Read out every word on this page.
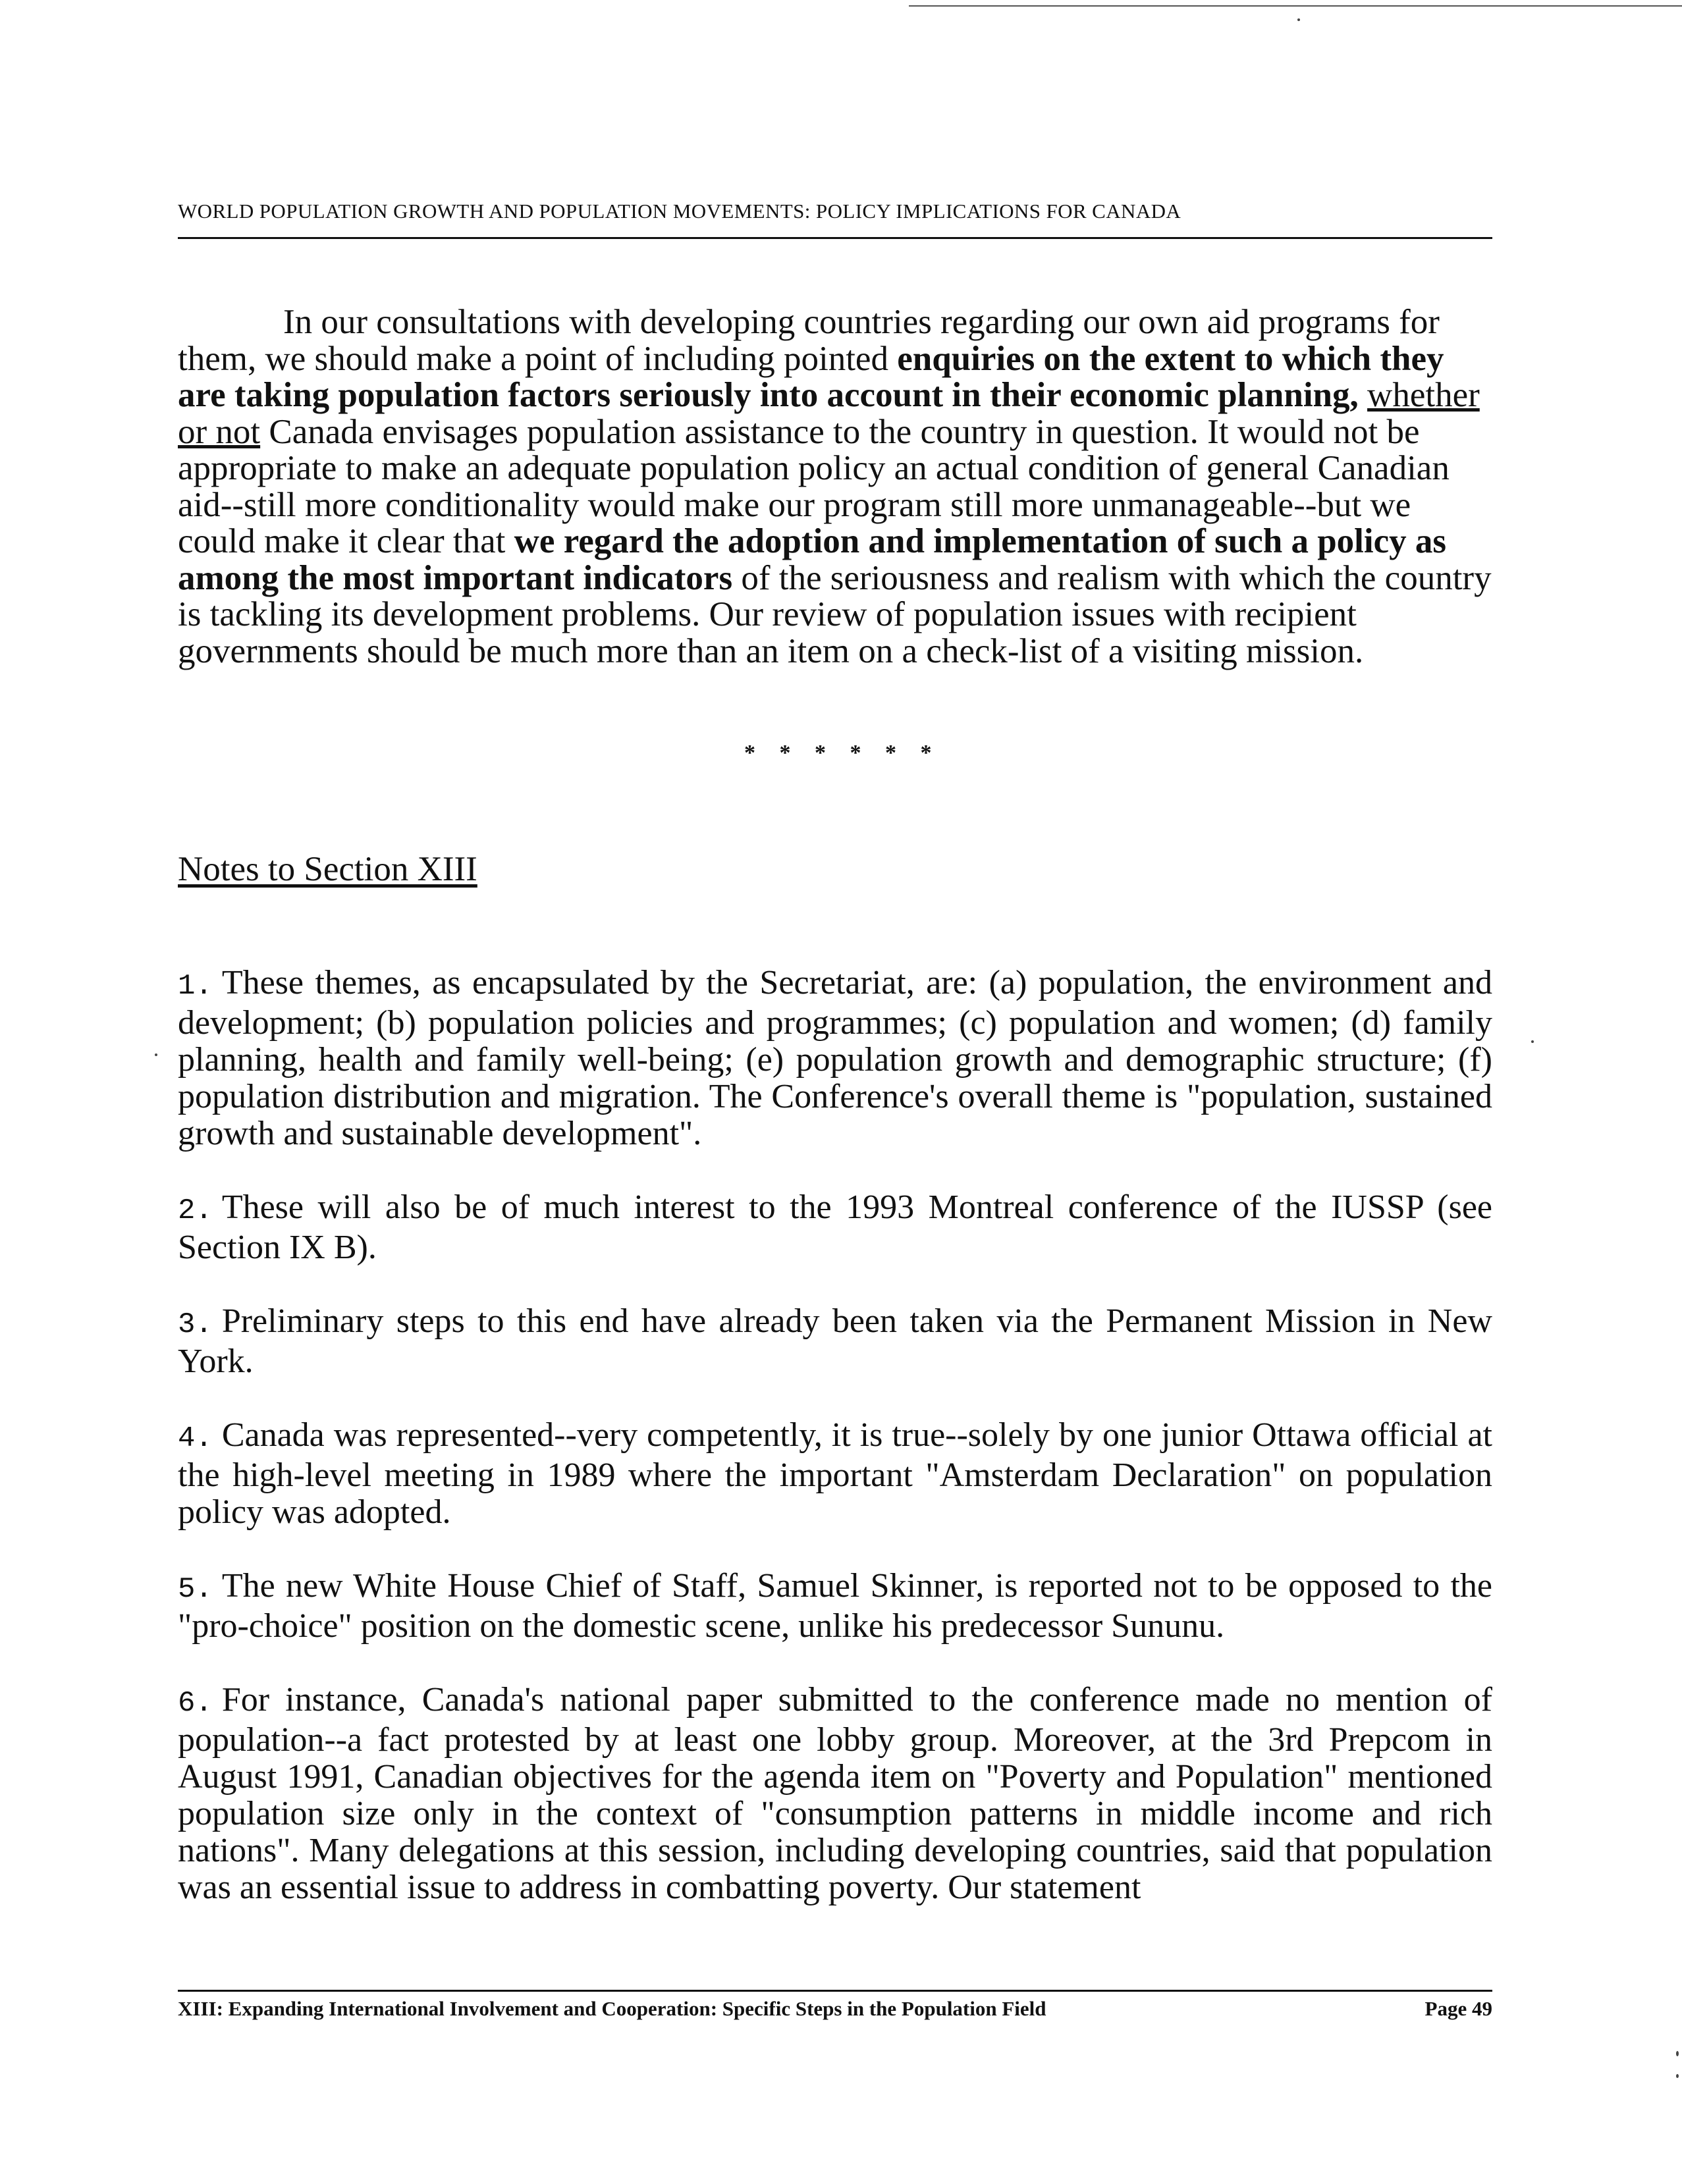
WORLD POPULATION GROWTH AND POPULATION MOVEMENTS: POLICY IMPLICATIONS FOR CANADA
In our consultations with developing countries regarding our own aid programs for them, we should make a point of including pointed enquiries on the extent to which they are taking population factors seriously into account in their economic planning, whether or not Canada envisages population assistance to the country in question. It would not be appropriate to make an adequate population policy an actual condition of general Canadian aid--still more conditionality would make our program still more unmanageable--but we could make it clear that we regard the adoption and implementation of such a policy as among the most important indicators of the seriousness and realism with which the country is tackling its development problems. Our review of population issues with recipient governments should be much more than an item on a check-list of a visiting mission.
* * * * * *
Notes to Section XIII

1. These themes, as encapsulated by the Secretariat, are: (a) population, the environment and development; (b) population policies and programmes; (c) population and women; (d) family planning, health and family well-being; (e) population growth and demographic structure; (f) population distribution and migration. The Conference's overall theme is "population, sustained growth and sustainable development".

2. These will also be of much interest to the 1993 Montreal conference of the IUSSP (see Section IX B).

3. Preliminary steps to this end have already been taken via the Permanent Mission in New York.

4. Canada was represented--very competently, it is true--solely by one junior Ottawa official at the high-level meeting in 1989 where the important "Amsterdam Declaration" on population policy was adopted.

5. The new White House Chief of Staff, Samuel Skinner, is reported not to be opposed to the "pro-choice" position on the domestic scene, unlike his predecessor Sununu.

6. For instance, Canada's national paper submitted to the conference made no mention of population--a fact protested by at least one lobby group. Moreover, at the 3rd Prepcom in August 1991, Canadian objectives for the agenda item on "Poverty and Population" mentioned population size only in the context of "consumption patterns in middle income and rich nations". Many delegations at this session, including developing countries, said that population was an essential issue to address in combatting poverty. Our statement

XIII: Expanding International Involvement and Cooperation: Specific Steps in the Population Field	Page 49
